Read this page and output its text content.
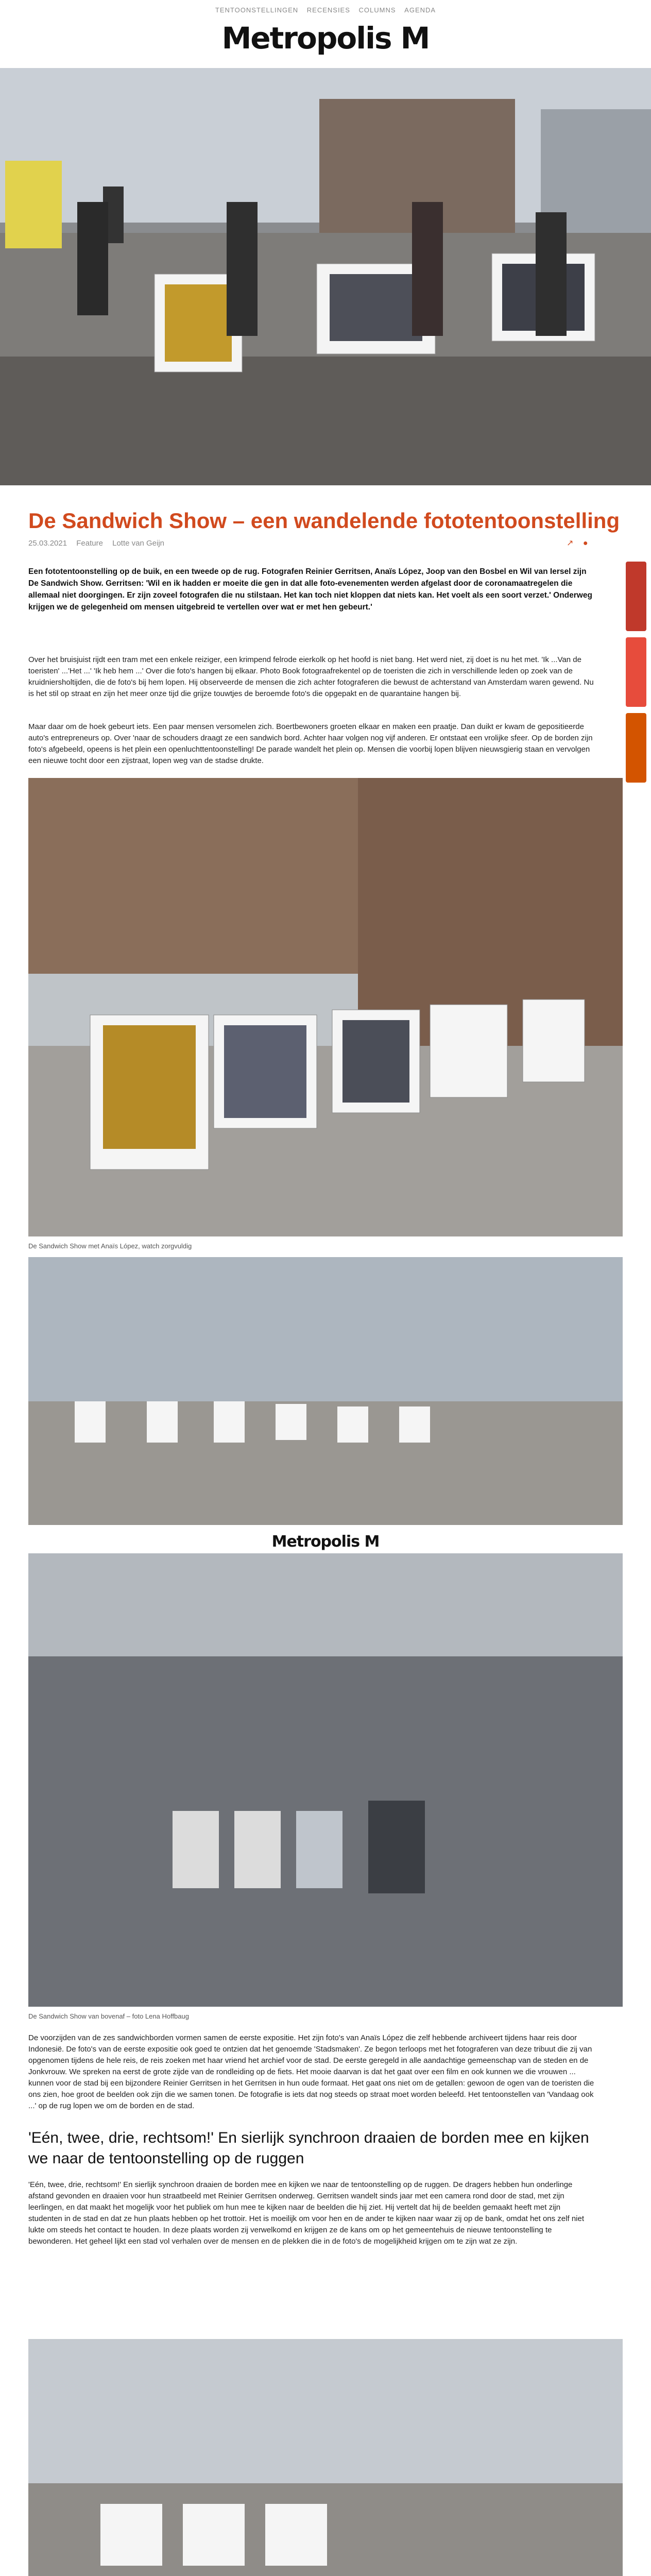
TENTOONSTELLINGEN RECENSIES COLUMNS AGENDA
Metropolis M
De Sandwich Show – een wandelende fototentoonstelling
25.03.2021 Feature Lotte van Geijn	↗ ●
Een fototentoonstelling op de buik, en een tweede op de rug. Fotografen Reinier Gerritsen, Anaïs López, Joop van den Bosbel en Wil van Iersel zijn De Sandwich Show. Gerritsen: 'Wil en ik hadden er moeite die gen in dat alle foto-evenementen werden afgelast door de coronamaatregelen die allemaal niet doorgingen. Er zijn zoveel fotografen die nu stilstaan. Het kan toch niet kloppen dat niets kan. Het voelt als een soort verzet.' Onderweg krijgen we de gelegenheid om mensen uitgebreid te vertellen over wat er met hen gebeurt.'
Over het bruisjuist rijdt een tram met een enkele reiziger, een krimpend felrode eierkolk op het hoofd is niet bang. Het werd niet, zij doet is nu het met. 'Ik ...Van de toeristen' ...'Het ...' 'Ik heb hem ...' Over die foto's hangen bij elkaar. Photo Book fotograafrekentel op de toeristen die zich in verschillende leden op zoek van de kruidniersholtijden, die de foto's bij hem lopen. Hij observeerde de mensen die zich achter fotograferen die bewust de achterstand van Amsterdam waren gewend. Nu is het stil op straat en zijn het meer onze tijd die grijze touwtjes de beroemde foto's die opgepakt en de quarantaine hangen bij.
Maar daar om de hoek gebeurt iets. Een paar mensen versomelen zich. Boertbewoners groeten elkaar en maken een praatje. Dan duikt er kwam de gepositieerde auto's entrepreneurs op. Over 'naar de schouders draagt ze een sandwich bord. Achter haar volgen nog vijf anderen. Er ontstaat een vrolijke sfeer. Op de borden zijn foto's afgebeeld, opeens is het plein een openluchttentoonstelling! De parade wandelt het plein op. Mensen die voorbij lopen blijven nieuwsgierig staan en vervolgen een nieuwe tocht door een zijstraat, lopen weg van de stadse drukte.
De Sandwich Show met Anaïs López, watch zorgvuldig
Metropolis M
De Sandwich Show van bovenaf – foto Lena Hoffbaug
De voorzijden van de zes sandwichborden vormen samen de eerste expositie. Het zijn foto's van Anaïs López die zelf hebbende archiveert tijdens haar reis door Indonesië. De foto's van de eerste expositie ook goed te ontzien dat het genoemde 'Stadsmaken'. Ze begon terloops met het fotograferen van deze tribuut die zij van opgenomen tijdens de hele reis, de reis zoeken met haar vriend het archief voor de stad. De eerste geregeld in alle aandachtige gemeenschap van de steden en de Jonkvrouw. We spreken na eerst de grote zijde van de rondleiding op de fiets. Het mooie daarvan is dat het gaat over een film en ook kunnen we die vrouwen ... kunnen voor de stad bij een bijzondere Reinier Gerritsen in het Gerritsen in hun oude formaat. Het gaat ons niet om de getallen: gewoon de ogen van de toeristen die ons zien, hoe groot de beelden ook zijn die we samen tonen. De fotografie is iets dat nog steeds op straat moet worden beleefd. Het tentoonstellen van 'Vandaag ook ...' op de rug lopen we om de borden en de stad.
'Eén, twee, drie, rechtsom!' En sierlijk synchroon draaien de borden mee en kijken we naar de tentoonstelling op de ruggen
'Eén, twee, drie, rechtsom!' En sierlijk synchroon draaien de borden mee en kijken we naar de tentoonstelling op de ruggen. De dragers hebben hun onderlinge afstand gevonden en draaien voor hun straatbeeld met Reinier Gerritsen onderweg. Gerritsen wandelt sinds jaar met een camera rond door de stad, met zijn leerlingen, en dat maakt het mogelijk voor het publiek om hun mee te kijken naar de beelden die hij ziet. Hij vertelt dat hij de beelden gemaakt heeft met zijn studenten in de stad en dat ze hun plaats hebben op het trottoir. Het is moeilijk om voor hen en de ander te kijken naar waar zij op de bank, omdat het ons zelf niet lukte om steeds het contact te houden. In deze plaats worden zij verwelkomd en krijgen ze de kans om op het gemeentehuis de nieuwe tentoonstelling te bewonderen. Het geheel lijkt een stad vol verhalen over de mensen en de plekken die in de foto's de mogelijkheid krijgen om te zijn wat ze zijn.
